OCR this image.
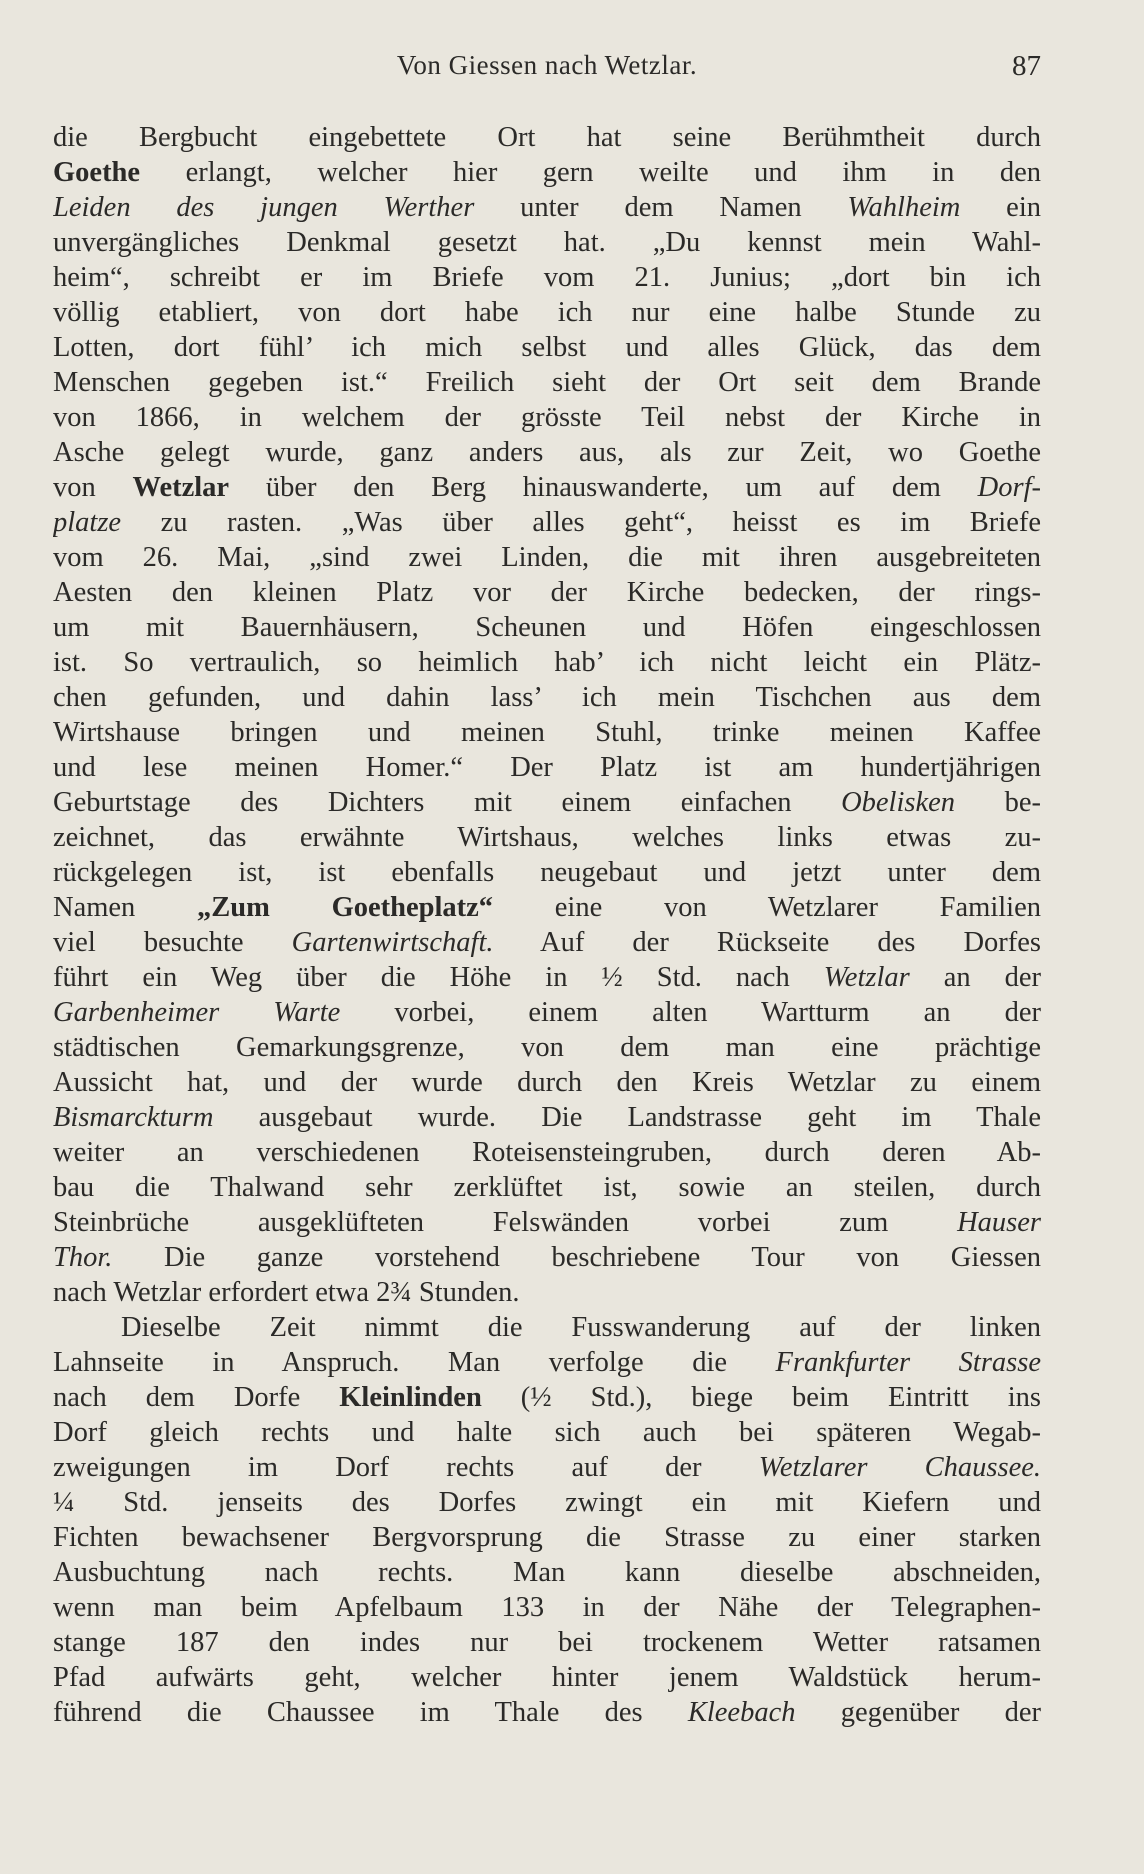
Von Giessen nach Wetzlar.	87
die Bergbucht eingebettete Ort hat seine Berühmtheit durch
Goethe erlangt, welcher hier gern weilte und ihm in den
Leiden des jungen Werther unter dem Namen Wahlheim ein
unvergängliches Denkmal gesetzt hat. „Du kennst mein Wahl-
heim“, schreibt er im Briefe vom 21. Junius; „dort bin ich
völlig etabliert, von dort habe ich nur eine halbe Stunde zu
Lotten, dort fühl’ ich mich selbst und alles Glück, das dem
Menschen gegeben ist.“ Freilich sieht der Ort seit dem Brande
von 1866, in welchem der grösste Teil nebst der Kirche in
Asche gelegt wurde, ganz anders aus, als zur Zeit, wo Goethe
von Wetzlar über den Berg hinauswanderte, um auf dem Dorf-
platze zu rasten. „Was über alles geht“, heisst es im Briefe
vom 26. Mai, „sind zwei Linden, die mit ihren ausgebreiteten
Aesten den kleinen Platz vor der Kirche bedecken, der rings-
um mit Bauernhäusern, Scheunen und Höfen eingeschlossen
ist. So vertraulich, so heimlich hab’ ich nicht leicht ein Plätz-
chen gefunden, und dahin lass’ ich mein Tischchen aus dem
Wirtshause bringen und meinen Stuhl, trinke meinen Kaffee
und lese meinen Homer.“ Der Platz ist am hundertjährigen
Geburtstage des Dichters mit einem einfachen Obelisken be-
zeichnet, das erwähnte Wirtshaus, welches links etwas zu-
rückgelegen ist, ist ebenfalls neugebaut und jetzt unter dem
Namen „Zum Goetheplatz“ eine von Wetzlarer Familien
viel besuchte Gartenwirtschaft. Auf der Rückseite des Dorfes
führt ein Weg über die Höhe in ½ Std. nach Wetzlar an der
Garbenheimer Warte vorbei, einem alten Wartturm an der
städtischen Gemarkungsgrenze, von dem man eine prächtige
Aussicht hat, und der wurde durch den Kreis Wetzlar zu einem
Bismarckturm ausgebaut wurde. Die Landstrasse geht im Thale
weiter an verschiedenen Roteisensteingruben, durch deren Ab-
bau die Thalwand sehr zerklüftet ist, sowie an steilen, durch
Steinbrüche ausgeklüfteten Felswänden vorbei zum Hauser
Thor. Die ganze vorstehend beschriebene Tour von Giessen
nach Wetzlar erfordert etwa 2¾ Stunden.
Dieselbe Zeit nimmt die Fusswanderung auf der linken
Lahnseite in Anspruch. Man verfolge die Frankfurter Strasse
nach dem Dorfe Kleinlinden (½ Std.), biege beim Eintritt ins
Dorf gleich rechts und halte sich auch bei späteren Wegab-
zweigungen im Dorf rechts auf der Wetzlarer Chaussee.
¼ Std. jenseits des Dorfes zwingt ein mit Kiefern und
Fichten bewachsener Bergvorsprung die Strasse zu einer starken
Ausbuchtung nach rechts. Man kann dieselbe abschneiden,
wenn man beim Apfelbaum 133 in der Nähe der Telegraphen-
stange 187 den indes nur bei trockenem Wetter ratsamen
Pfad aufwärts geht, welcher hinter jenem Waldstück herum-
führend die Chaussee im Thale des Kleebach gegenüber der
